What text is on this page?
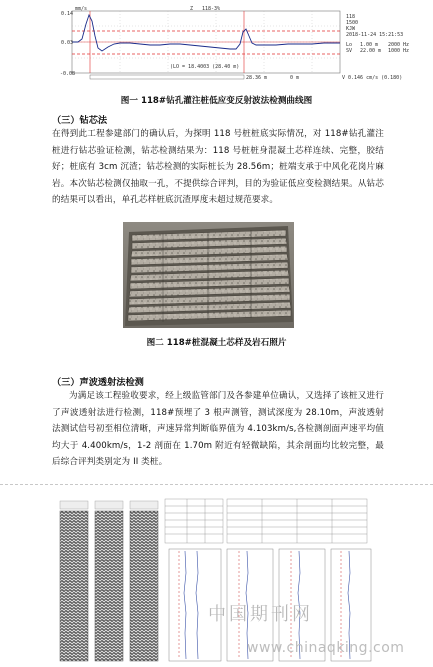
0.14
mm/s
0.03
-0.08
Z 118-3%
(LO = 18.4003 (28.40 m)
28.36 m	0 m	V 0.146 cm/s (0.180)
118
1500
KJW
2018-11-24 15:21:53
Lo 1.00 m 2000 Hz
SV 22.00 m 1000 Hz
图一 118#钻孔灌注桩低应变反射波法检测曲线图
（三）钻芯法
在得到此工程参建部门的确认后，为探明 118 号桩桩底实际情况，对 118#钻孔灌注桩进行钻芯验证检测，钻芯检测结果为：118 号桩桩身混凝土芯样连续、完整，胶结好；桩底有 3cm 沉渣；钻芯检测的实际桩长为 28.56m；桩端支承于中风化花岗片麻岩。本次钻芯检测仅抽取一孔，不提供综合评判，目的为验证低应变检测结果。从钻芯的结果可以看出，单孔芯样桩底沉渣厚度未超过规范要求。
图二 118#桩混凝土芯样及岩石照片
（三）声波透射法检测
为满足该工程验收要求，经上级监管部门及各参建单位确认，又选择了该桩又进行了声波透射法进行检测，118#预埋了 3 根声测管，测试深度为 28.10m，声波透射法测试信号初至相位清晰，声速异常判断临界值为 4.103km/s,各检测剖面声速平均值均大于 4.400km/s，1-2 剖面在 1.70m 附近有轻微缺陷，其余剖面均比较完整，最后综合评判类别定为 II 类桩。
中国期刊网
www.chinaqking.com
